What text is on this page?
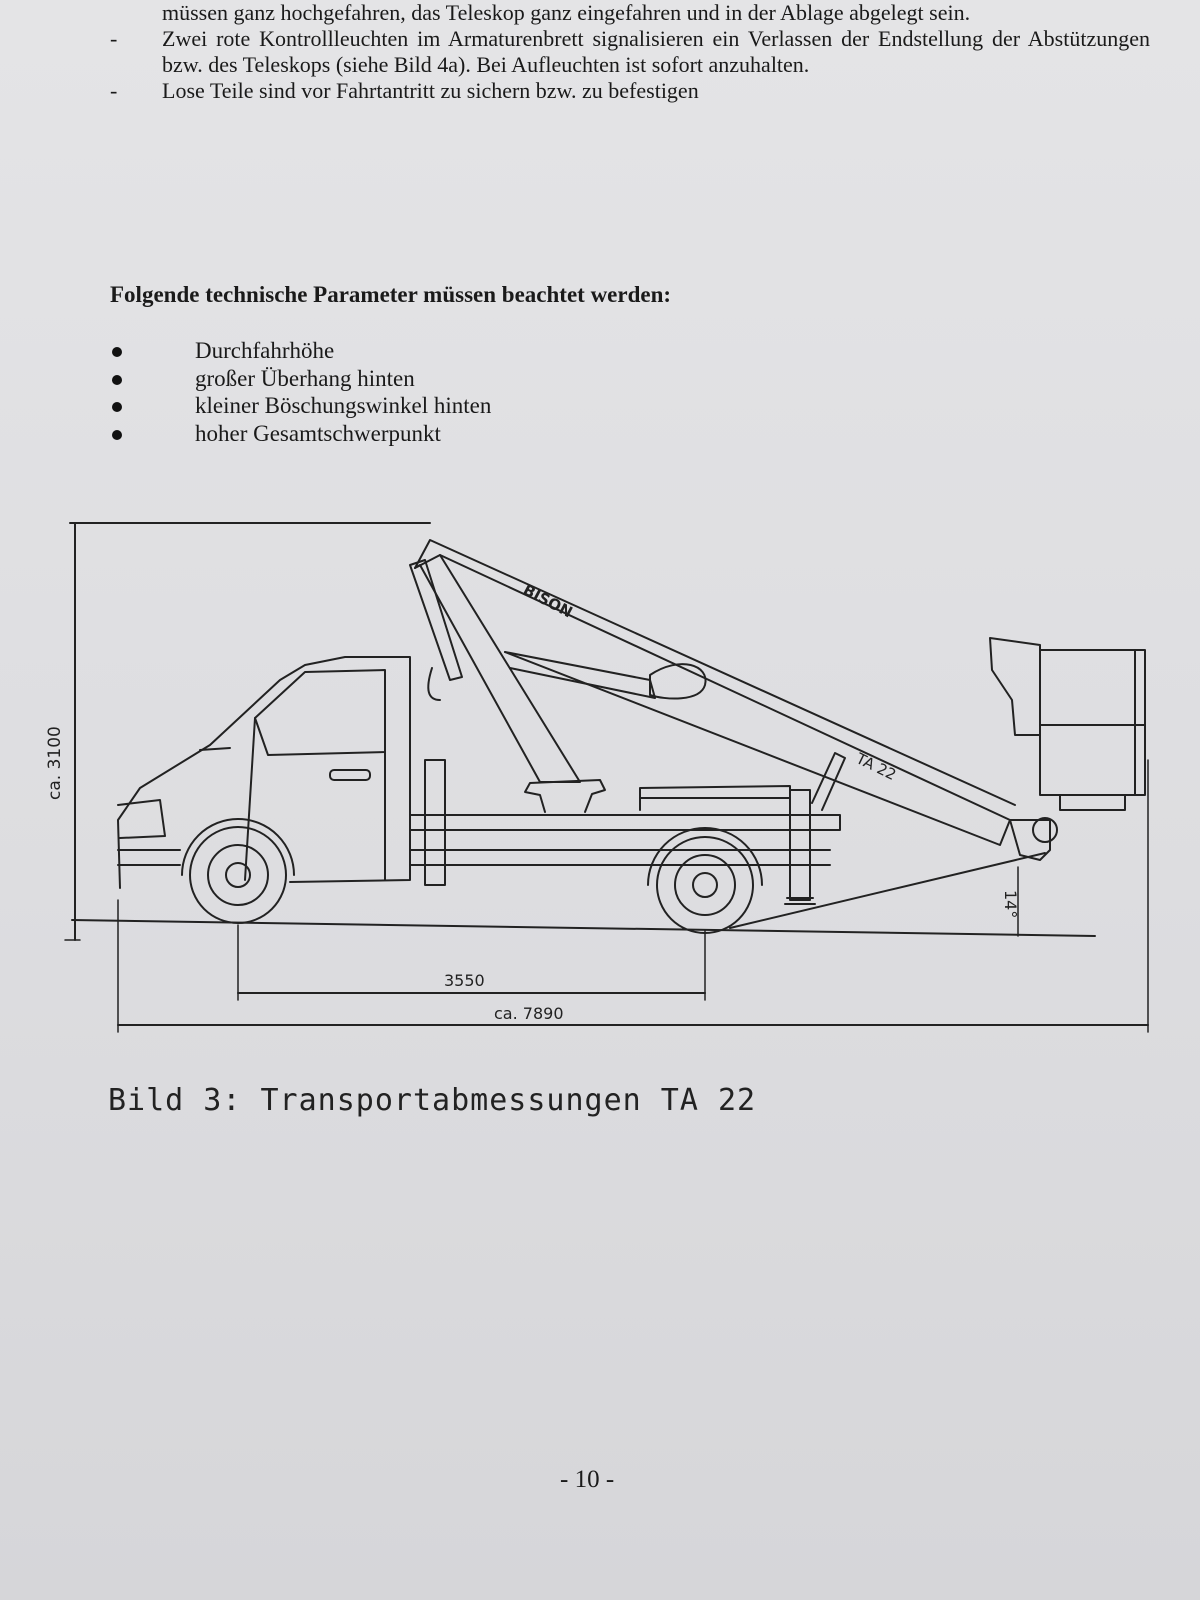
müssen ganz hochgefahren, das Teleskop ganz eingefahren und in der Ablage abgelegt sein.
-	Zwei rote Kontrollleuchten im Armaturenbrett signalisieren ein Verlassen der Endstellung der Abstützungen bzw. des Teleskops (siehe Bild 4a). Bei Aufleuchten ist sofort anzuhalten.
-	Lose Teile sind vor Fahrtantritt zu sichern bzw. zu befestigen
Folgende technische Parameter müssen beachtet werden:
Durchfahrhöhe
großer Überhang hinten
kleiner Böschungswinkel hinten
hoher Gesamtschwerpunkt
ca. 3100
3550
ca. 7890
14°
TA 22
BISON
Bild 3: Transportabmessungen TA 22
- 10 -
